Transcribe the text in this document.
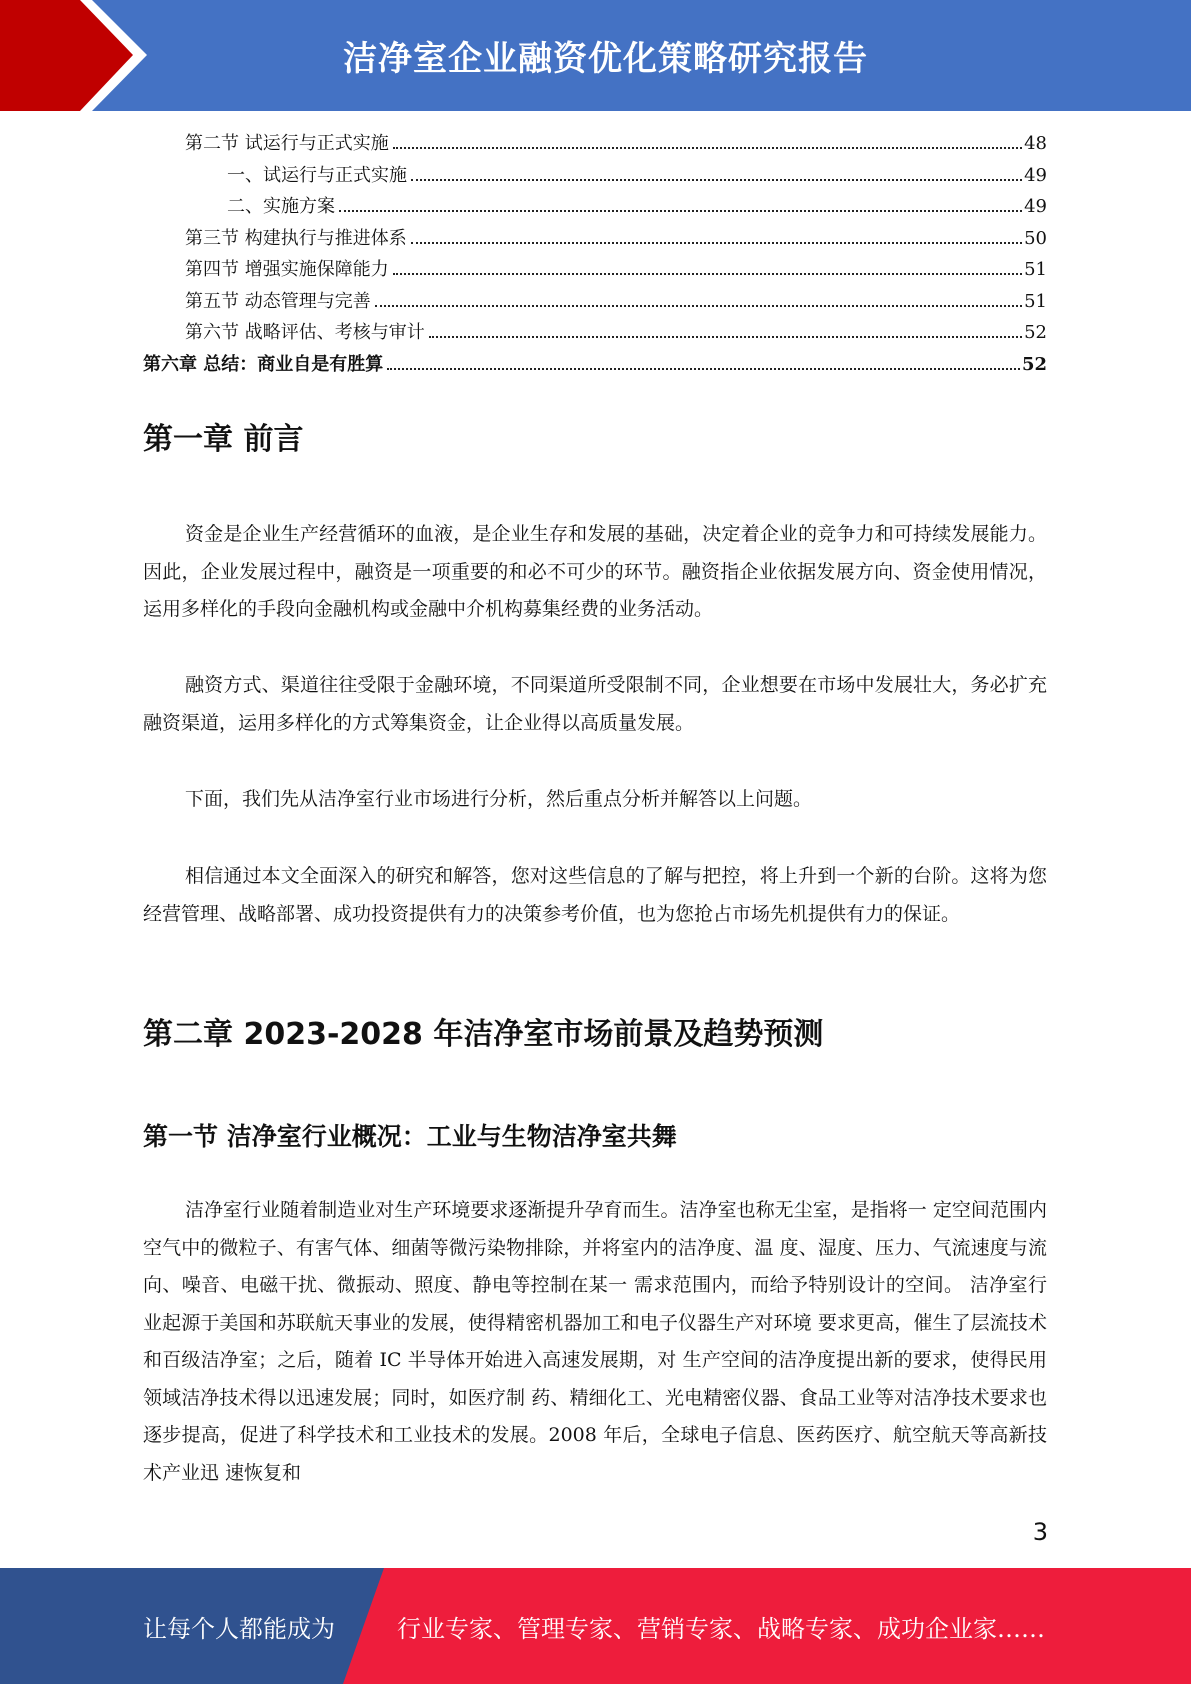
洁净室企业融资优化策略研究报告
第二节 试运行与正式实施	48
一、试运行与正式实施	49
二、实施方案	49
第三节 构建执行与推进体系	50
第四节 增强实施保障能力	51
第五节 动态管理与完善	51
第六节 战略评估、考核与审计	52
第六章 总结：商业自是有胜算	52
第一章 前言

资金是企业生产经营循环的血液，是企业生存和发展的基础，决定着企业的竞争力和可持续发展能力。因此，企业发展过程中，融资是一项重要的和必不可少的环节。融资指企业依据发展方向、资金使用情况，运用多样化的手段向金融机构或金融中介机构募集经费的业务活动。

融资方式、渠道往往受限于金融环境，不同渠道所受限制不同，企业想要在市场中发展壮大，务必扩充融资渠道，运用多样化的方式筹集资金，让企业得以高质量发展。

下面，我们先从洁净室行业市场进行分析，然后重点分析并解答以上问题。

相信通过本文全面深入的研究和解答，您对这些信息的了解与把控，将上升到一个新的台阶。这将为您经营管理、战略部署、成功投资提供有力的决策参考价值，也为您抢占市场先机提供有力的保证。

第二章 2023-2028 年洁净室市场前景及趋势预测
第一节 洁净室行业概况：工业与生物洁净室共舞

洁净室行业随着制造业对生产环境要求逐渐提升孕育而生。洁净室也称无尘室，是指将一 定空间范围内空气中的微粒子、有害气体、细菌等微污染物排除，并将室内的洁净度、温 度、湿度、压力、气流速度与流向、噪音、电磁干扰、微振动、照度、静电等控制在某一 需求范围内，而给予特别设计的空间。 洁净室行业起源于美国和苏联航天事业的发展，使得精密机器加工和电子仪器生产对环境 要求更高，催生了层流技术和百级洁净室；之后，随着 IC 半导体开始进入高速发展期，对 生产空间的洁净度提出新的要求，使得民用领域洁净技术得以迅速发展；同时，如医疗制 药、精细化工、光电精密仪器、食品工业等对洁净技术要求也逐步提高，促进了科学技术和工业技术的发展。2008 年后，全球电子信息、医药医疗、航空航天等高新技术产业迅 速恢复和

3
让每个人都能成为	行业专家、管理专家、营销专家、战略专家、成功企业家……
